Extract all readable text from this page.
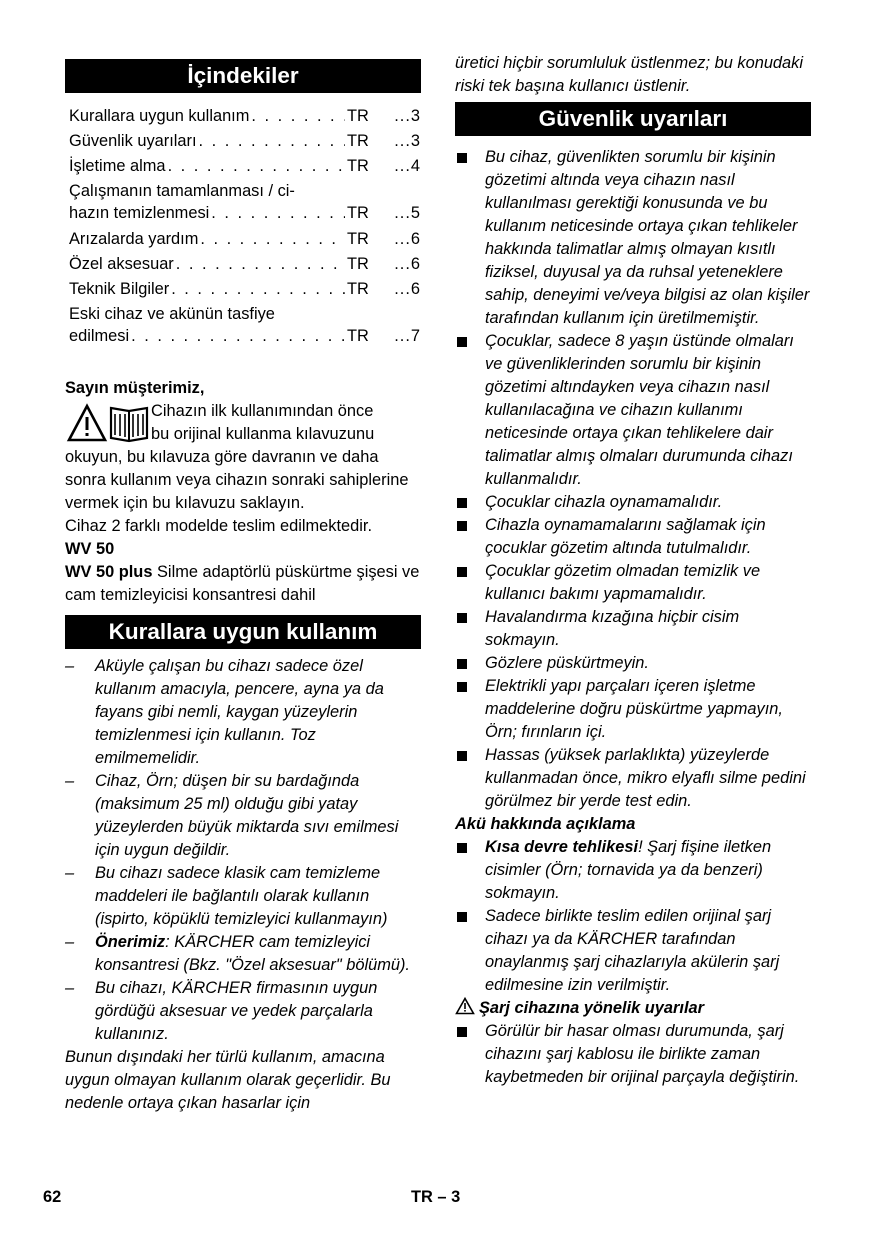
İçindekiler
Kurallara uygun kullanım . . .	TR	...3
Güvenlik uyarıları . . .	TR	...3
İşletime alma . . .	TR	...4
Çalışmanın tamamlanması / ci-
hazın temizlenmesi . . .	TR	...5
Arızalarda yardım . . .	TR	...6
Özel aksesuar . . .	TR	...6
Teknik Bilgiler . . .	TR	...6
Eski cihaz ve akünün tasfiye
edilmesi . . .	TR	...7

Sayın müşterimiz,

Cihazın ilk kullanımından önce

bu orijinal kullanma kılavuzunu

okuyun, bu kılavuza göre davranın ve daha sonra kullanım veya cihazın sonraki sahiplerine vermek için bu kılavuzu saklayın.

Cihaz 2 farklı modelde teslim edilmektedir.

WV 50

WV 50 plus Silme adaptörlü püskürtme şişesi ve cam temizleyicisi konsantresi dahil

Kurallara uygun kullanım
– Aküyle çalışan bu cihazı sadece özel kullanım amacıyla, pencere, ayna ya da fayans gibi nemli, kaygan yüzeylerin temizlenmesi için kullanın. Toz emilmemelidir.
– Cihaz, Örn; düşen bir su bardağında (maksimum 25 ml) olduğu gibi yatay yüzeylerden büyük miktarda sıvı emilmesi için uygun değildir.
– Bu cihazı sadece klasik cam temizleme maddeleri ile bağlantılı olarak kullanın (ispirto, köpüklü temizleyici kullanmayın)
– Önerimiz: KÄRCHER cam temizleyici konsantresi (Bkz. "Özel aksesuar" bölümü).
– Bu cihazı, KÄRCHER firmasının uygun gördüğü aksesuar ve yedek parçalarla kullanınız.

Bunun dışındaki her türlü kullanım, amacına uygun olmayan kullanım olarak geçerlidir. Bu nedenle ortaya çıkan hasarlar için

üretici hiçbir sorumluluk üstlenmez; bu konudaki riski tek başına kullanıcı üstlenir.

Güvenlik uyarıları
Bu cihaz, güvenlikten sorumlu bir kişinin gözetimi altında veya cihazın nasıl kullanılması gerektiği konusunda ve bu kullanım neticesinde ortaya çıkan tehlikeler hakkında talimatlar almış olmayan kısıtlı fiziksel, duyusal ya da ruhsal yeteneklere sahip, deneyimi ve/veya bilgisi az olan kişiler tarafından kullanım için üretilmemiştir.
Çocuklar, sadece 8 yaşın üstünde olmaları ve güvenliklerinden sorumlu bir kişinin gözetimi altındayken veya cihazın nasıl kullanılacağına ve cihazın kullanımı neticesinde ortaya çıkan tehlikelere dair talimatlar almış olmaları durumunda cihazı kullanmalıdır.
Çocuklar cihazla oynamamalıdır.
Cihazla oynamamalarını sağlamak için çocuklar gözetim altında tutulmalıdır.
Çocuklar gözetim olmadan temizlik ve kullanıcı bakımı yapmamalıdır.
Havalandırma kızağına hiçbir cisim sokmayın.
Gözlere püskürtmeyin.
Elektrikli yapı parçaları içeren işletme maddelerine doğru püskürtme yapmayın, Örn; fırınların içi.
Hassas (yüksek parlaklıkta) yüzeylerde kullanmadan önce, mikro elyaflı silme pedini görülmez bir yerde test edin.

Akü hakkında açıklama

Kısa devre tehlikesi! Şarj fişine iletken cisimler (Örn; tornavida ya da benzeri) sokmayın.
Sadece birlikte teslim edilen orijinal şarj cihazı ya da KÄRCHER tarafından onaylanmış şarj cihazlarıyla akülerin şarj edilmesine izin verilmiştir.

Şarj cihazına yönelik uyarılar

Görülür bir hasar olması durumunda, şarj cihazını şarj kablosu ile birlikte zaman kaybetmeden bir orijinal parçayla değiştirin.
62	TR – 3
